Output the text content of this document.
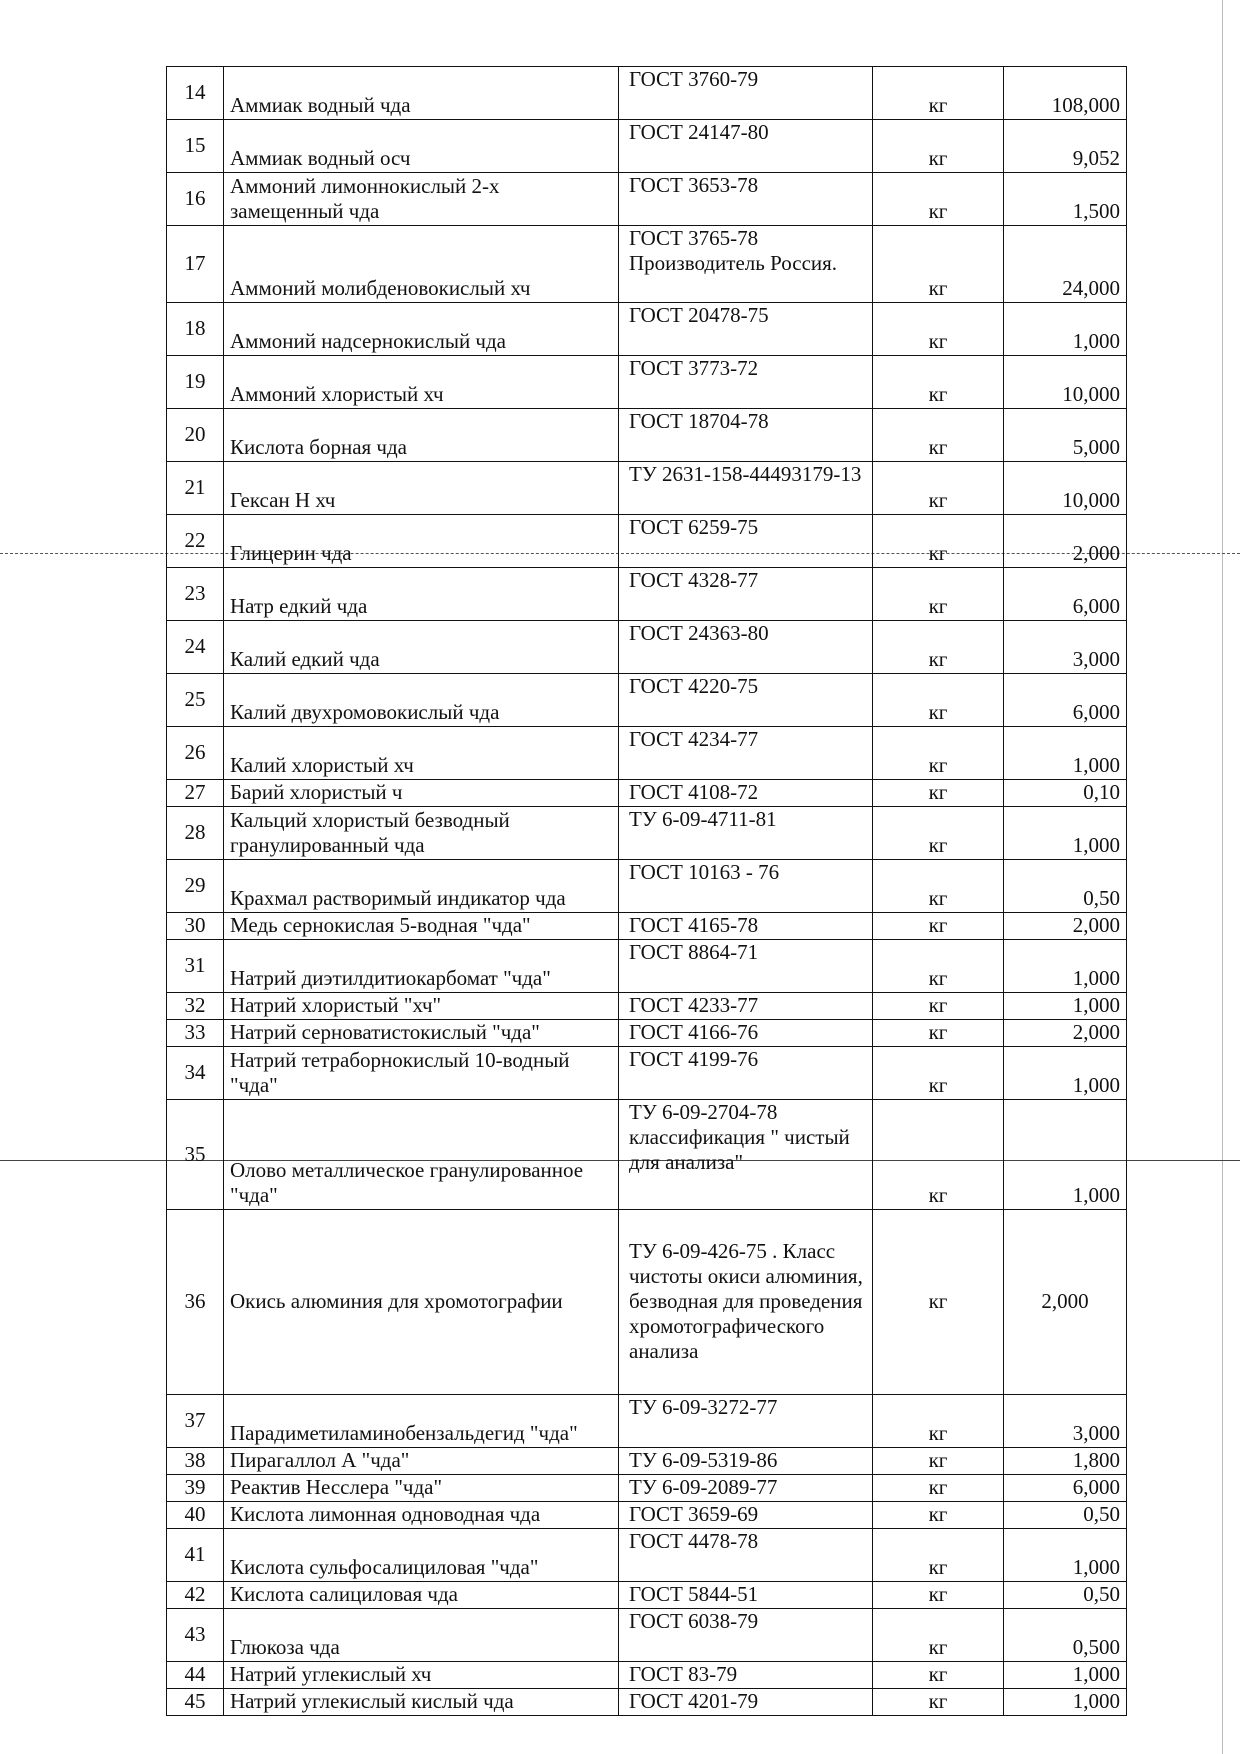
14	Аммиак водный чда	ГОСТ 3760-79	кг	108,000
15	Аммиак водный осч	ГОСТ 24147-80	кг	9,052
16	Аммоний лимоннокислый 2-х замещенный чда	ГОСТ 3653-78	кг	1,500
17	Аммоний молибденовокислый хч	ГОСТ 3765-78 Производитель Россия.	кг	24,000
18	Аммоний надсернокислый чда	ГОСТ 20478-75	кг	1,000
19	Аммоний хлористый хч	ГОСТ 3773-72	кг	10,000
20	Кислота борная чда	ГОСТ 18704-78	кг	5,000
21	Гексан Н хч	ТУ 2631-158-44493179-13	кг	10,000
22	Глицерин чда	ГОСТ 6259-75	кг	2,000
23	Натр едкий чда	ГОСТ 4328-77	кг	6,000
24	Калий едкий чда	ГОСТ 24363-80	кг	3,000
25	Калий двухромовокислый чда	ГОСТ 4220-75	кг	6,000
26	Калий хлористый хч	ГОСТ 4234-77	кг	1,000
27	Барий хлористый ч	ГОСТ 4108-72	кг	0,10
28	Кальций хлористый безводный гранулированный чда	ТУ 6-09-4711-81	кг	1,000
29	Крахмал растворимый индикатор чда	ГОСТ 10163 - 76	кг	0,50
30	Медь сернокислая 5-водная "чда"	ГОСТ 4165-78	кг	2,000
31	Натрий диэтилдитиокарбомат "чда"	ГОСТ 8864-71	кг	1,000
32	Натрий хлористый "хч"	ГОСТ 4233-77	кг	1,000
33	Натрий серноватистокислый "чда"	ГОСТ 4166-76	кг	2,000
34	Натрий тетраборнокислый 10-водный "чда"	ГОСТ 4199-76	кг	1,000
35	Олово металлическое гранулированное "чда"	ТУ 6-09-2704-78 классификация " чистый для анализа"	кг	1,000
36	Окись алюминия для хромотографии	ТУ 6-09-426-75 . Класс чистоты окиси алюминия, безводная для проведения хромотографического анализа	кг	2,000
37	Парадиметиламинобензальдегид "чда"	ТУ 6-09-3272-77	кг	3,000
38	Пирагаллол А "чда"	ТУ 6-09-5319-86	кг	1,800
39	Реактив Несслера "чда"	ТУ 6-09-2089-77	кг	6,000
40	Кислота лимонная одноводная чда	ГОСТ 3659-69	кг	0,50
41	Кислота сульфосалициловая "чда"	ГОСТ 4478-78	кг	1,000
42	Кислота салициловая чда	ГОСТ 5844-51	кг	0,50
43	Глюкоза чда	ГОСТ 6038-79	кг	0,500
44	Натрий углекислый хч	ГОСТ 83-79	кг	1,000
45	Натрий углекислый кислый чда	ГОСТ 4201-79	кг	1,000
